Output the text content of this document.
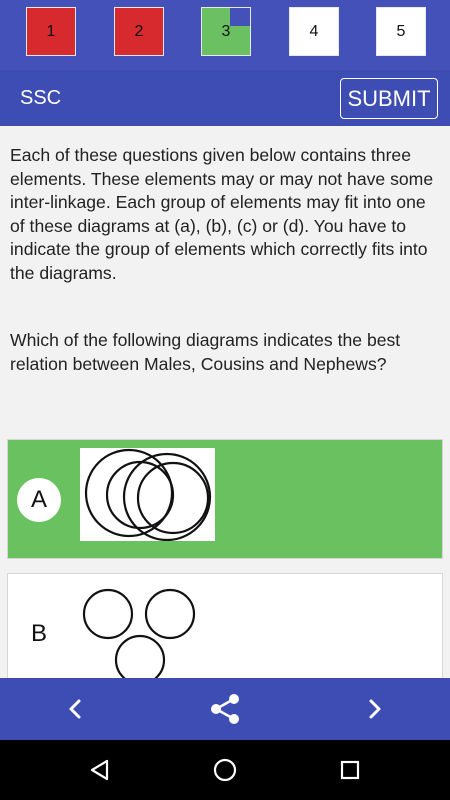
1	2	3	4	5
SSC	SUBMIT

Each of these questions given below contains three elements. These elements may or may not have some inter-linkage. Each group of elements may fit into one of these diagrams at (a), (b), (c) or (d). You have to indicate the group of elements which correctly fits into the diagrams.

Which of the following diagrams indicates the best relation between Males, Cousins and Nephews?

A
B
